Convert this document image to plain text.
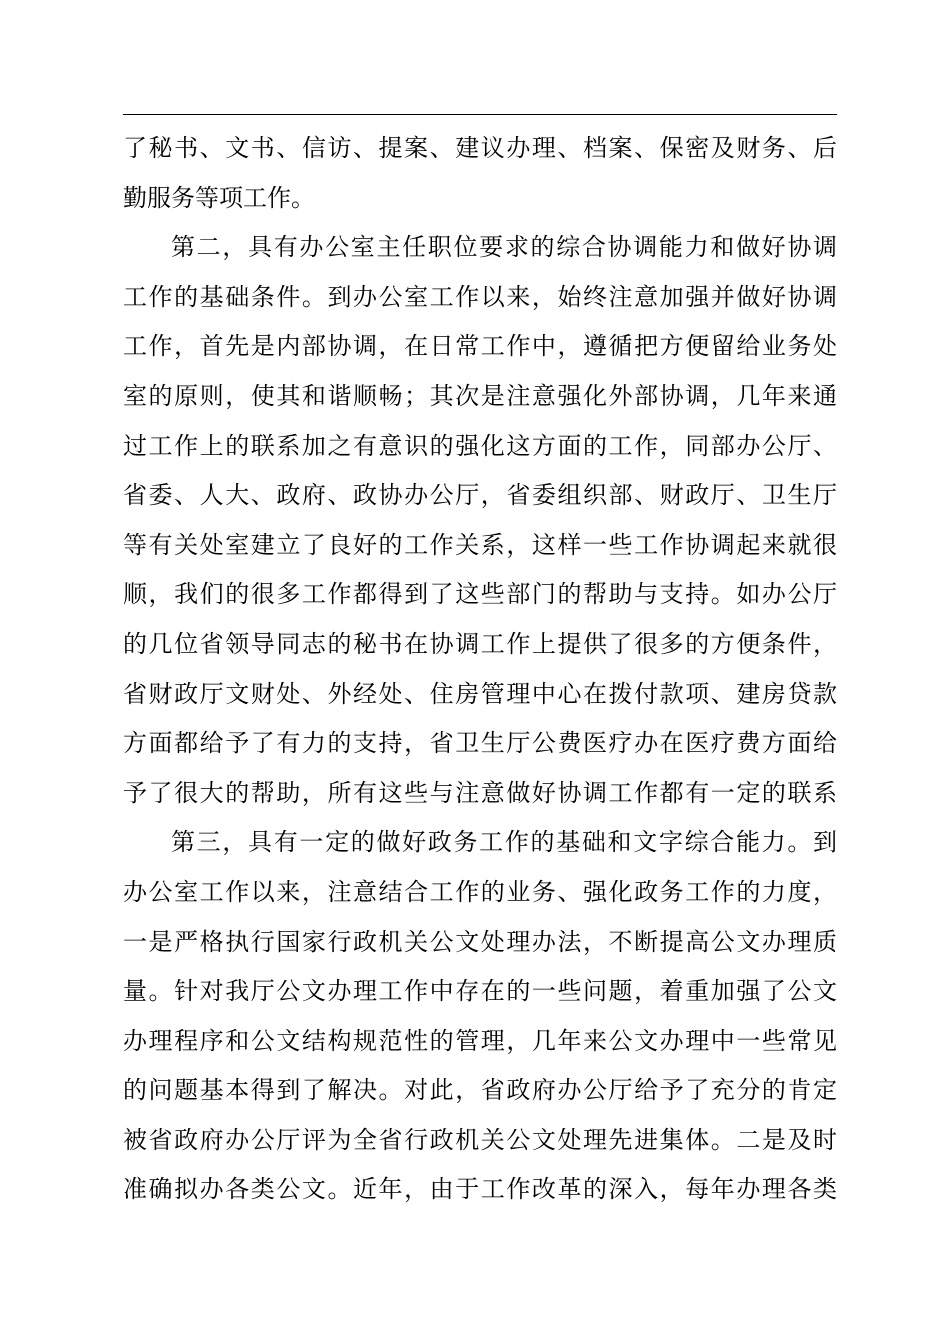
了秘书、文书、信访、提案、建议办理、档案、保密及财务、后
勤服务等项工作。
第二，具有办公室主任职位要求的综合协调能力和做好协调
工作的基础条件。到办公室工作以来，始终注意加强并做好协调
工作，首先是内部协调，在日常工作中，遵循把方便留给业务处
室的原则，使其和谐顺畅；其次是注意强化外部协调，几年来通
过工作上的联系加之有意识的强化这方面的工作，同部办公厅、
省委、人大、政府、政协办公厅，省委组织部、财政厅、卫生厅
等有关处室建立了良好的工作关系，这样一些工作协调起来就很
顺，我们的很多工作都得到了这些部门的帮助与支持。如办公厅
的几位省领导同志的秘书在协调工作上提供了很多的方便条件，
省财政厅文财处、外经处、住房管理中心在拨付款项、建房贷款
方面都给予了有力的支持，省卫生厅公费医疗办在医疗费方面给
予了很大的帮助，所有这些与注意做好协调工作都有一定的联系
第三，具有一定的做好政务工作的基础和文字综合能力。到
办公室工作以来，注意结合工作的业务、强化政务工作的力度，
一是严格执行国家行政机关公文处理办法，不断提高公文办理质
量。针对我厅公文办理工作中存在的一些问题，着重加强了公文
办理程序和公文结构规范性的管理，几年来公文办理中一些常见
的问题基本得到了解决。对此，省政府办公厅给予了充分的肯定
被省政府办公厅评为全省行政机关公文处理先进集体。二是及时
准确拟办各类公文。近年，由于工作改革的深入，每年办理各类
